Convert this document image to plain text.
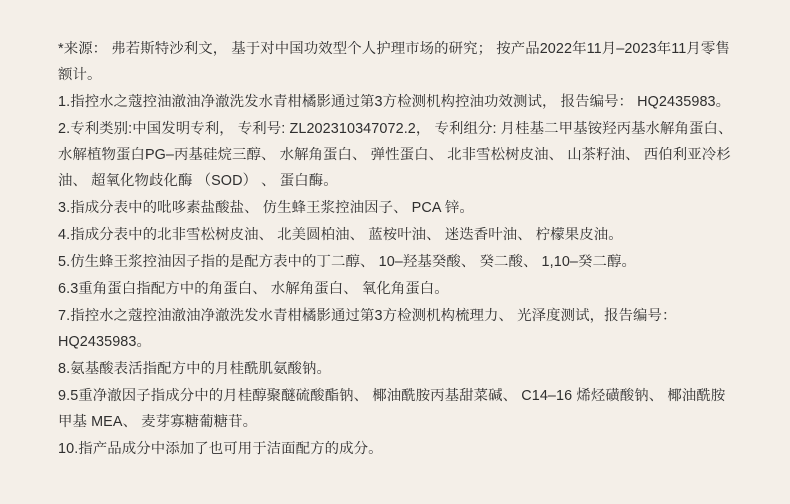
*来源： 弗若斯特沙利文， 基于对中国功效型个人护理市场的研究； 按产品2022年11月–2023年11月零售额计。
1.指控水之蔻控油澈油净澈洗发水青柑橘影通过第3方检测机构控油功效测试， 报告编号： HQ2435983。
2.专利类别:中国发明专利， 专利号: ZL202310347072.2， 专利组分: 月桂基二甲基铵羟丙基水解角蛋白、 水解植物蛋白PG–丙基硅烷三醇、 水解角蛋白、 弹性蛋白、 北非雪松树皮油、 山茶籽油、 西伯利亚冷杉油、 超氧化物歧化酶 （SOD） 、 蛋白酶。
3.指成分表中的吡哆素盐酸盐、 仿生蜂王浆控油因子、 PCA 锌。
4.指成分表中的北非雪松树皮油、 北美圆柏油、 蓝桉叶油、 迷迭香叶油、 柠檬果皮油。
5.仿生蜂王浆控油因子指的是配方表中的丁二醇、 10–羟基癸酸、 癸二酸、 1,10–癸二醇。
6.3重角蛋白指配方中的角蛋白、 水解角蛋白、 氧化角蛋白。
7.指控水之蔻控油澈油净澈洗发水青柑橘影通过第3方检测机构梳理力、 光泽度测试，报告编号： HQ2435983。
8.氨基酸表活指配方中的月桂酰肌氨酸钠。
9.5重净澈因子指成分中的月桂醇聚醚硫酸酯钠、 椰油酰胺丙基甜菜碱、 C14–16 烯烃磺酸钠、 椰油酰胺甲基 MEA、 麦芽寡糖葡糖苷。
10.指产品成分中添加了也可用于洁面配方的成分。
